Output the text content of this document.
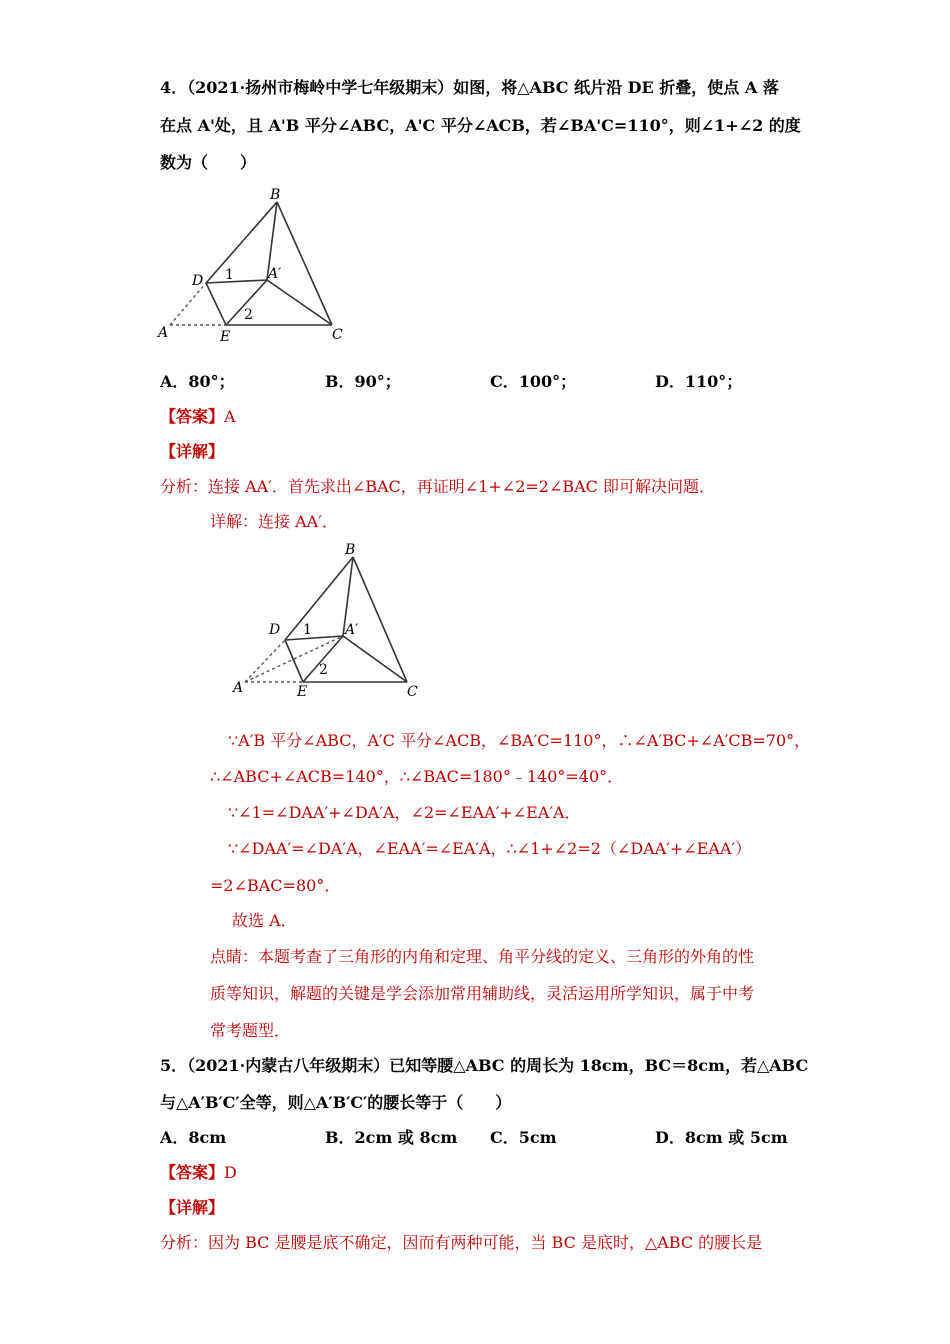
4．（2021·扬州市梅岭中学七年级期末）如图，将△ABC 纸片沿 DE 折叠，使点 A 落
在点 A'处，且 A'B 平分∠ABC，A'C 平分∠ACB，若∠BA'C=110°，则∠1+∠2 的度
数为（　　）
B
D 1 A′
2
A	E	C
A．80°；	B．90°；	C．100°；	D．110°；
【答案】A
【详解】
分析：连接 AA′．首先求出∠BAC，再证明∠1+∠2=2∠BAC 即可解决问题．
详解：连接 AA′．
B
D 1 A′
2
A	E	C
∵A′B 平分∠ABC，A′C 平分∠ACB，∠BA′C=110°，∴∠A′BC+∠A′CB=70°，
∴∠ABC+∠ACB=140°，∴∠BAC=180°﹣140°=40°．
∵∠1=∠DAA′+∠DA′A，∠2=∠EAA′+∠EA′A．
∵∠DAA′=∠DA′A，∠EAA′=∠EA′A，∴∠1+∠2=2（∠DAA′+∠EAA′）
=2∠BAC=80°．
故选 A．
点睛：本题考查了三角形的内角和定理、角平分线的定义、三角形的外角的性
质等知识，解题的关键是学会添加常用辅助线，灵活运用所学知识，属于中考
常考题型．
5．（2021·内蒙古八年级期末）已知等腰△ABC 的周长为 18cm，BC＝8cm，若△ABC
与△A′B′C′全等，则△A′B′C′的腰长等于（　　）
A．8cm	B．2cm 或 8cm C．5cm	D．8cm 或 5cm
【答案】D
【详解】
分析：因为 BC 是腰是底不确定，因而有两种可能，当 BC 是底时，△ABC 的腰长是
